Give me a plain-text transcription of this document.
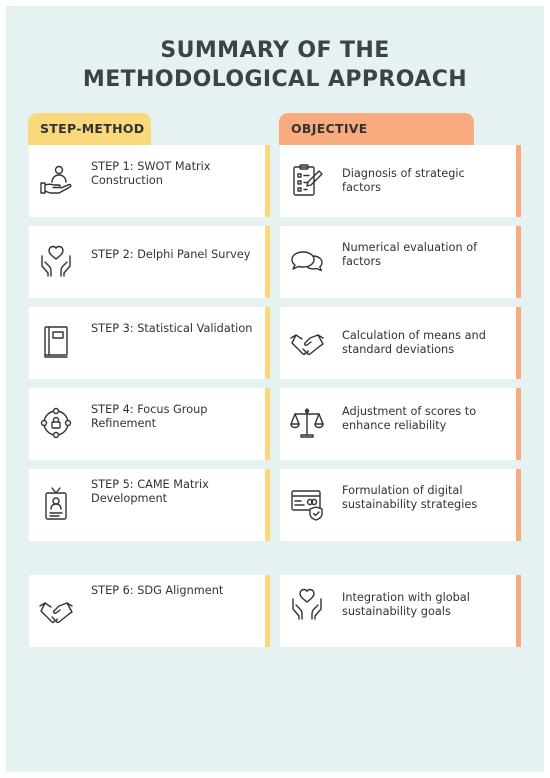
SUMMARY OF THE
METHODOLOGICAL APPROACH
STEP-METHOD	OBJECTIVE
STEP 1: SWOT Matrix Construction
STEP 2: Delphi Panel Survey
STEP 3: Statistical Validation
STEP 4: Focus Group Refinement
STEP 5: CAME Matrix Development
STEP 6: SDG Alignment
Diagnosis of strategic factors
Numerical evaluation of factors
Calculation of means and standard deviations
Adjustment of scores to enhance reliability
Formulation of digital sustainability strategies
Integration with global sustainability goals
